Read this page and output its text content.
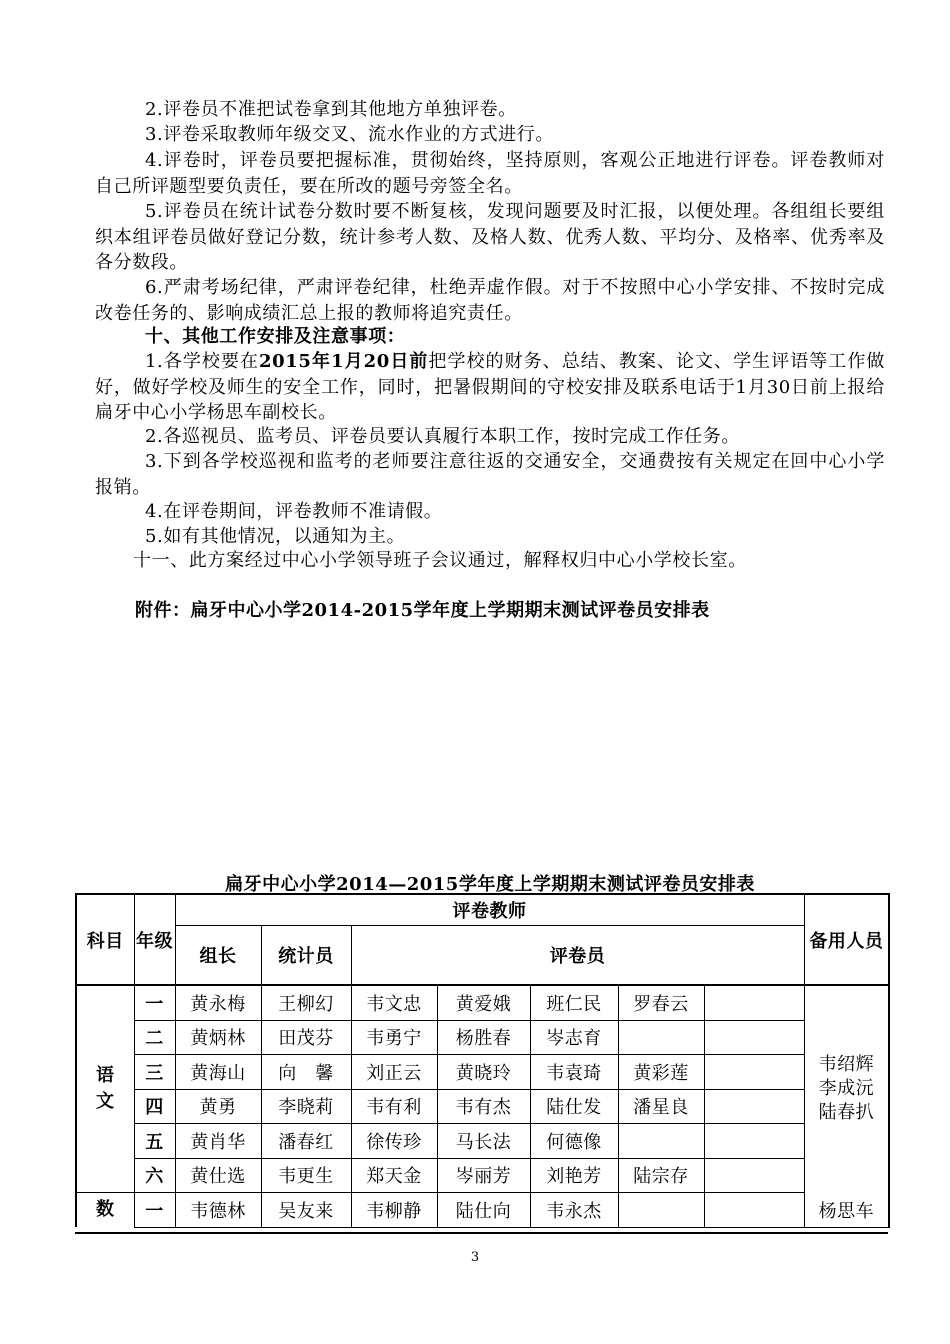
2.评卷员不准把试卷拿到其他地方单独评卷。
3.评卷采取教师年级交叉、流水作业的方式进行。
4.评卷时，评卷员要把握标准，贯彻始终，坚持原则，客观公正地进行评卷。评卷教师对自己所评题型要负责任，要在所改的题号旁签全名。
5.评卷员在统计试卷分数时要不断复核，发现问题要及时汇报，以便处理。各组组长要组织本组评卷员做好登记分数，统计参考人数、及格人数、优秀人数、平均分、及格率、优秀率及各分数段。
6.严肃考场纪律，严肃评卷纪律，杜绝弄虚作假。对于不按照中心小学安排、不按时完成改卷任务的、影响成绩汇总上报的教师将追究责任。
十、其他工作安排及注意事项：
1.各学校要在2015年1月20日前把学校的财务、总结、教案、论文、学生评语等工作做好，做好学校及师生的安全工作，同时，把暑假期间的守校安排及联系电话于1月30日前上报给扁牙中心小学杨思车副校长。
2.各巡视员、监考员、评卷员要认真履行本职工作，按时完成工作任务。
3.下到各学校巡视和监考的老师要注意往返的交通安全，交通费按有关规定在回中心小学报销。
4.在评卷期间，评卷教师不准请假。
5.如有其他情况，以通知为主。
十一、此方案经过中心小学领导班子会议通过，解释权归中心小学校长室。
附件：扁牙中心小学2014-2015学年度上学期期末测试评卷员安排表
扁牙中心小学2014—2015学年度上学期期末测试评卷员安排表
科目	年级	评卷教师							备用人员
		组长	统计员	评卷员					
语文	一	黄永梅	王柳幻	韦文忠	黄爱娥	班仁民	罗春云		韦绍辉
李成沅
陆春扒

	二	黄炳林	田茂芬	韦勇宁	杨胜春	岑志育			
	三	黄海山	向　馨	刘正云	黄晓玲	韦袁琦	黄彩莲		
	四	黄勇	李晓莉	韦有利	韦有杰	陆仕发	潘星良		
	五	黄肖华	潘春红	徐传珍	马长法	何德像			
	六	黄仕选	韦更生	郑天金	岑丽芳	刘艳芳	陆宗存		
数	一	韦德林	吴友来	韦柳静	陆仕向	韦永杰			杨思车
3
